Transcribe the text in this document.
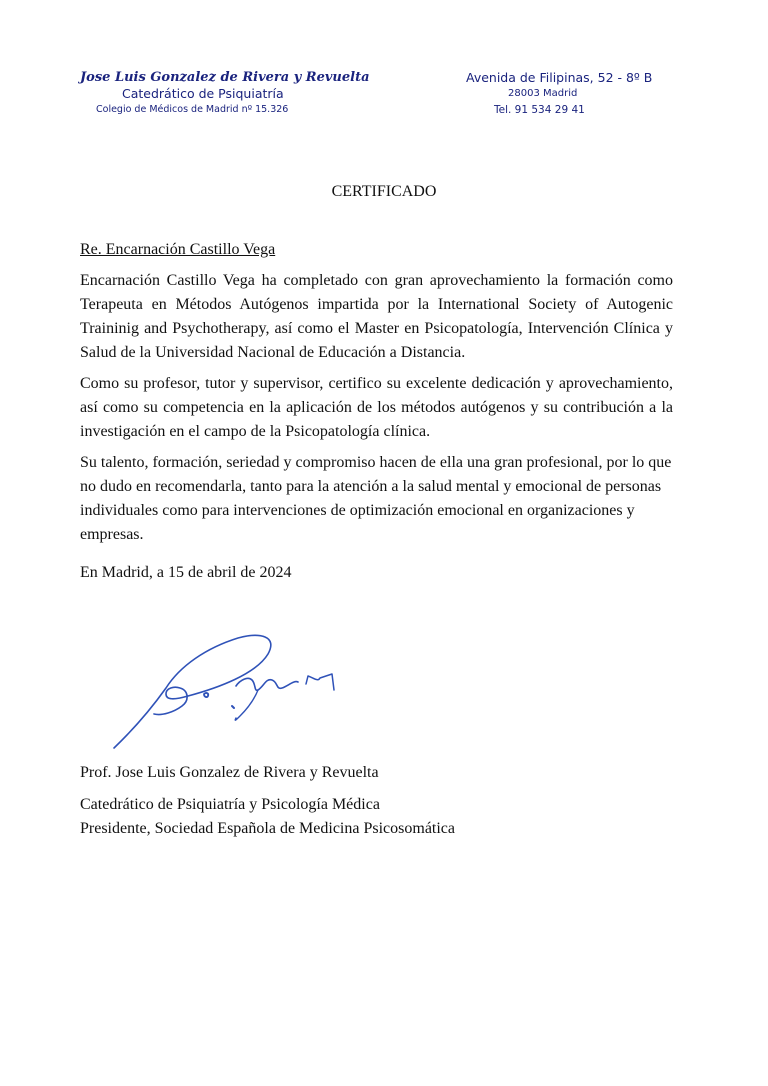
Jose Luis Gonzalez de Rivera y Revuelta
Catedrático de Psiquiatría
Colegio de Médicos de Madrid nº 15.326
Avenida de Filipinas, 52 - 8º B
28003 Madrid
Tel. 91 534 29 41
CERTIFICADO

Re. Encarnación Castillo Vega

Encarnación Castillo Vega ha completado con gran aprovechamiento la formación como Terapeuta en Métodos Autógenos impartida por la International Society of Autogenic Traininig and Psychotherapy, así como el Master en Psicopatología, Intervención Clínica y Salud de la Universidad Nacional de Educación a Distancia.

Como su profesor, tutor y supervisor, certifico su excelente dedicación y aprovechamiento, así como su competencia en la aplicación de los métodos autógenos y su contribución a la investigación en el campo de la Psicopatología clínica.

Su talento, formación, seriedad y compromiso hacen de ella una gran profesional, por lo que no dudo en recomendarla, tanto para la atención a la salud mental y emocional de personas individuales como para intervenciones de optimización emocional en organizaciones y empresas.

En Madrid, a 15 de abril de 2024

Prof. Jose Luis Gonzalez de Rivera y Revuelta
Catedrático de Psiquiatría y Psicología Médica
Presidente, Sociedad Española de Medicina Psicosomática
